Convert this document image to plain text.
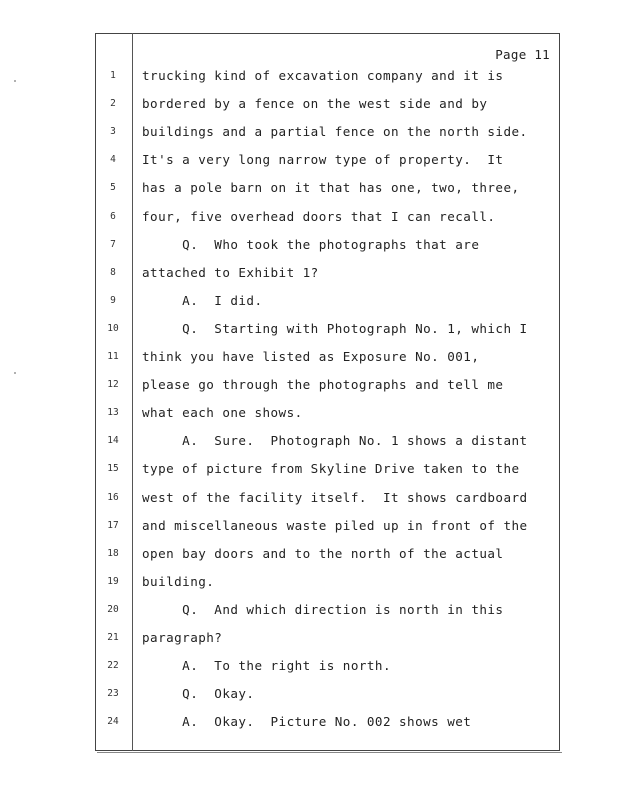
Page 11
1	trucking kind of excavation company and it is
2	bordered by a fence on the west side and by
3	buildings and a partial fence on the north side.
4	It's a very long narrow type of property.  It
5	has a pole barn on it that has one, two, three,
6	four, five overhead doors that I can recall.
7	Q.  Who took the photographs that are
8	attached to Exhibit 1?
9	A.  I did.
10	Q.  Starting with Photograph No. 1, which I
11	think you have listed as Exposure No. 001,
12	please go through the photographs and tell me
13	what each one shows.
14	A.  Sure.  Photograph No. 1 shows a distant
15	type of picture from Skyline Drive taken to the
16	west of the facility itself.  It shows cardboard
17	and miscellaneous waste piled up in front of the
18	open bay doors and to the north of the actual
19	building.
20	Q.  And which direction is north in this
21	paragraph?
22	A.  To the right is north.
23	Q.  Okay.
24	A.  Okay.  Picture No. 002 shows wet
